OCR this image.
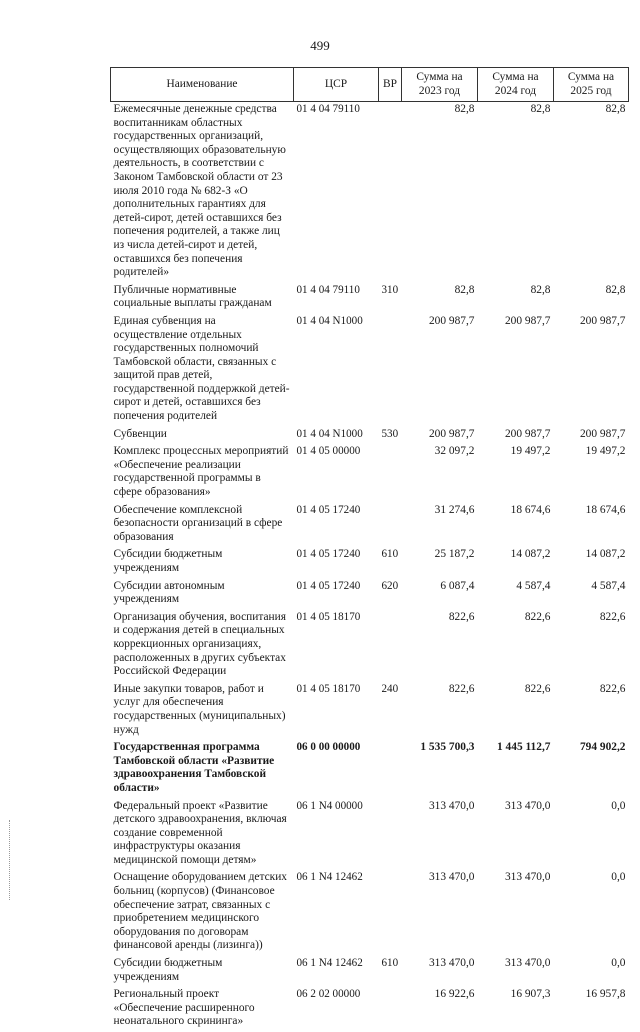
499
Наименование	ЦСР	ВР	Сумма на 2023 год	Сумма на 2024 год	Сумма на 2025 год
Ежемесячные денежные средства воспитанникам областных государственных организаций, осуществляющих образовательную деятельность, в соответствии с Законом Тамбовской области от 23 июля 2010 года № 682-З «О дополнительных гарантиях для детей-сирот, детей оставшихся без попечения родителей, а также лиц из числа детей-сирот и детей, оставшихся без попечения родителей»	01 4 04 79110		82,8	82,8	82,8
Публичные нормативные социальные выплаты гражданам	01 4 04 79110	310	82,8	82,8	82,8
Единая субвенция на осуществление отдельных государственных полномочий Тамбовской области, связанных с защитой прав детей, государственной поддержкой детей-сирот и детей, оставшихся без попечения родителей	01 4 04 N1000		200 987,7	200 987,7	200 987,7
Субвенции	01 4 04 N1000	530	200 987,7	200 987,7	200 987,7
Комплекс процессных мероприятий «Обеспечение реализации государственной программы в сфере образования»	01 4 05 00000		32 097,2	19 497,2	19 497,2
Обеспечение комплексной безопасности организаций в сфере образования	01 4 05 17240		31 274,6	18 674,6	18 674,6
Субсидии бюджетным учреждениям	01 4 05 17240	610	25 187,2	14 087,2	14 087,2
Субсидии автономным учреждениям	01 4 05 17240	620	6 087,4	4 587,4	4 587,4
Организация обучения, воспитания и содержания детей в специальных коррекционных организациях, расположенных в других субъектах Российской Федерации	01 4 05 18170		822,6	822,6	822,6
Иные закупки товаров, работ и услуг для обеспечения государственных (муниципальных) нужд	01 4 05 18170	240	822,6	822,6	822,6
Государственная программа Тамбовской области «Развитие здравоохранения Тамбовской области»	06 0 00 00000		1 535 700,3	1 445 112,7	794 902,2
Федеральный проект «Развитие детского здравоохранения, включая создание современной инфраструктуры оказания медицинской помощи детям»	06 1 N4 00000		313 470,0	313 470,0	0,0
Оснащение оборудованием детских больниц (корпусов) (Финансовое обеспечение затрат, связанных с приобретением медицинского оборудования по договорам финансовой аренды (лизинга))	06 1 N4 12462		313 470,0	313 470,0	0,0
Субсидии бюджетным учреждениям	06 1 N4 12462	610	313 470,0	313 470,0	0,0
Региональный проект «Обеспечение расширенного неонатального скрининга»	06 2 02 00000		16 922,6	16 907,3	16 957,8
